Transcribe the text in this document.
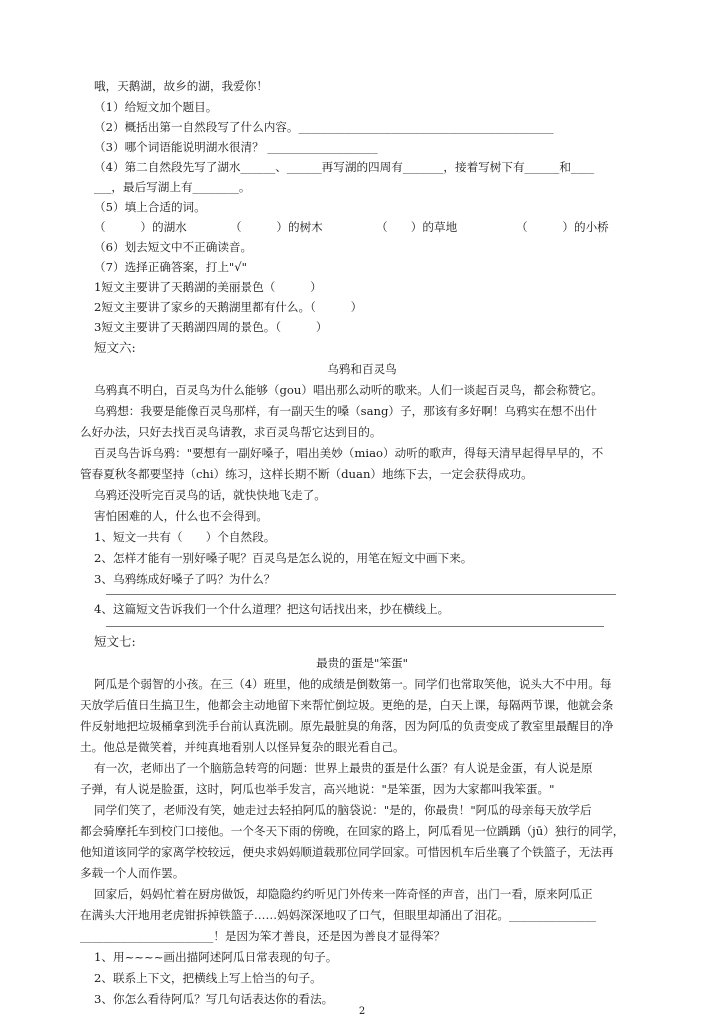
哦，天鹅湖，故乡的湖，我爱你！
（1）给短文加个题目。
（2）概括出第一自然段写了什么内容。____________________________________________
（3）哪个词语能说明湖水很清？ ___________________
（4）第二自然段先写了湖水______、______再写湖的四周有_______，接着写树下有______和____
___，最后写湖上有________。
（5）填上合适的词。
（　　　）的湖水	（　　　）的树木	（　　）的草地	（　　　）的小桥
（6）划去短文中不正确读音。
（7）选择正确答案，打上"√"
1短文主要讲了天鹅湖的美丽景色（　　　）
2短文主要讲了家乡的天鹅湖里都有什么。（　　　）
3短文主要讲了天鹅湖四周的景色。（　　　）
短文六:
乌鸦和百灵鸟
乌鸦真不明白，百灵鸟为什么能够（gou）唱出那么动听的歌来。人们一谈起百灵鸟，都会称赞它。
乌鸦想：我要是能像百灵鸟那样，有一副天生的嗓（sang）子，那该有多好啊！乌鸦实在想不出什
么好办法，只好去找百灵鸟请教，求百灵鸟帮它达到目的。
百灵鸟告诉乌鸦："要想有一副好嗓子，唱出美妙（miao）动听的歌声，得每天清早起得早早的，不
管春夏秋冬都要坚持（chi）练习，这样长期不断（duan）地练下去，一定会获得成功。
乌鸦还没听完百灵鸟的话，就快快地飞走了。
害怕困难的人，什么也不会得到。
1、短文一共有（　　）个自然段。
2、怎样才能有一别好嗓子呢？百灵鸟是怎么说的，用笔在短文中画下来。
3、乌鸦练成好嗓子了吗？为什么？
4、这篇短文告诉我们一个什么道理？把这句话找出来，抄在横线上。
短文七:
最贵的蛋是"笨蛋"
阿瓜是个弱智的小孩。在三（4）班里，他的成绩是倒数第一。同学们也常取笑他，说头大不中用。每
天放学后值日生搞卫生，他都会主动地留下来帮忙倒垃圾。更绝的是，白天上课，每隔两节课，他就会条
件反射地把垃圾桶拿到洗手台前认真洗刷。原先最脏臭的角落，因为阿瓜的负责变成了教室里最醒目的净
土。他总是微笑着，并纯真地看别人以怪异复杂的眼光看自己。
有一次，老师出了一个脑筋急转弯的问题：世界上最贵的蛋是什么蛋？有人说是金蛋，有人说是原
子弹，有人说是脸蛋，这时，阿瓜也举手发言，高兴地说："是笨蛋，因为大家都叫我笨蛋。"
同学们笑了，老师没有笑，她走过去轻拍阿瓜的脑袋说："是的，你最贵！"阿瓜的母亲每天放学后
都会骑摩托车到校门口接他。一个冬天下雨的傍晚，在回家的路上，阿瓜看见一位踽踽（jū）独行的同学，
他知道该同学的家离学校较远，便央求妈妈顺道载那位同学回家。可惜因机车后坐襄了个铁篮子，无法再
多载一个人而作罢。
回家后，妈妈忙着在厨房做饭，却隐隐约约听见门外传来一阵奇怪的声音，出门一看，原来阿瓜正
在满头大汗地用老虎钳拆掉铁篮子……妈妈深深地叹了口气，但眼里却涌出了泪花。_______________
_______________________！是因为笨才善良，还是因为善良才显得笨？
1、用~~~~画出描阿述阿瓜日常表现的句子。
2、联系上下文，把横线上写上恰当的句子。
3、你怎么看待阿瓜？写几句话表达你的看法。
2
